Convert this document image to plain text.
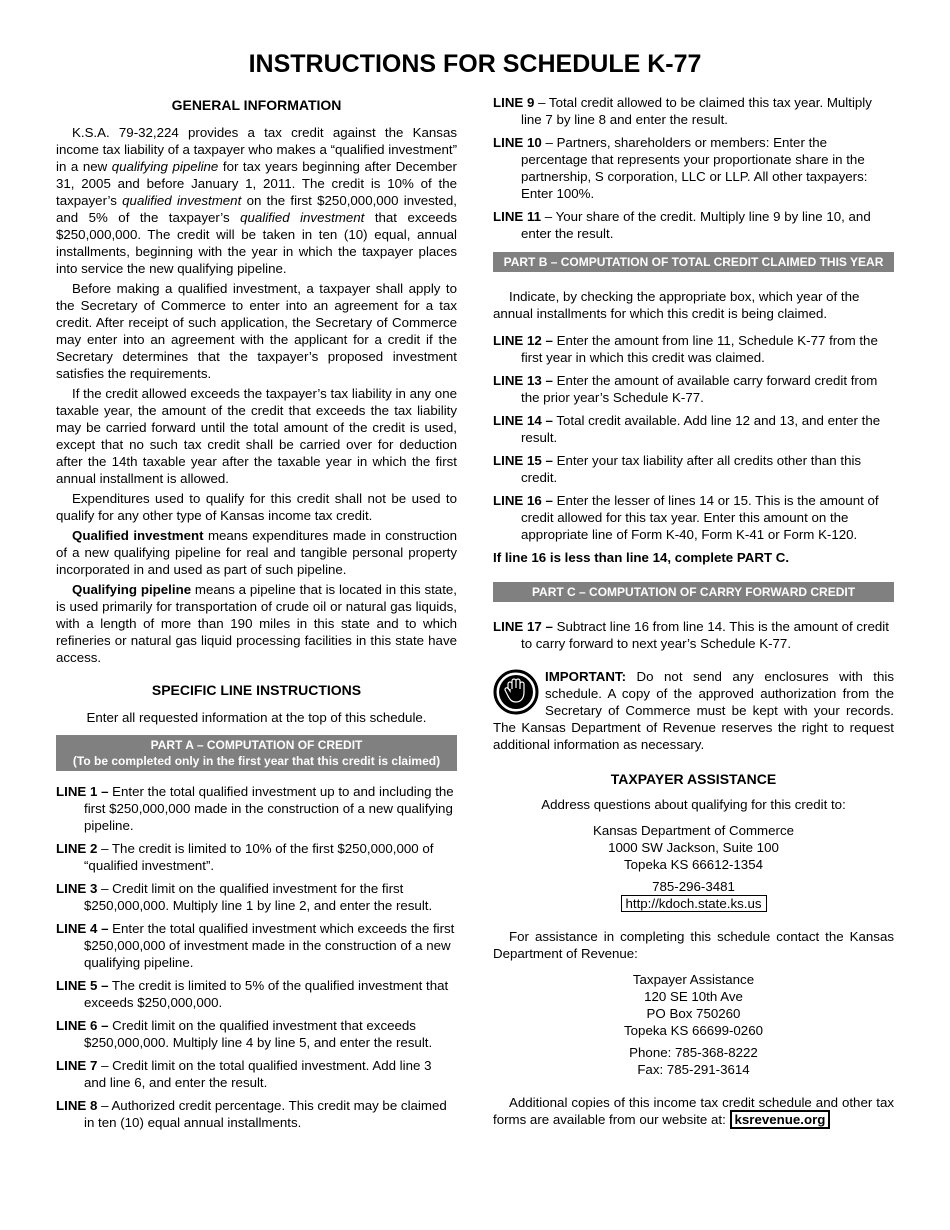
INSTRUCTIONS FOR SCHEDULE K-77
GENERAL INFORMATION

K.S.A. 79-32,224 provides a tax credit against the Kansas income tax liability of a taxpayer who makes a “qualified investment” in a new qualifying pipeline for tax years beginning after December 31, 2005 and before January 1, 2011. The credit is 10% of the taxpayer’s qualified investment on the first $250,000,000 invested, and 5% of the taxpayer’s qualified investment that exceeds $250,000,000. The credit will be taken in ten (10) equal, annual installments, beginning with the year in which the taxpayer places into service the new qualifying pipeline.

Before making a qualified investment, a taxpayer shall apply to the Secretary of Commerce to enter into an agreement for a tax credit. After receipt of such application, the Secretary of Commerce may enter into an agreement with the applicant for a credit if the Secretary determines that the taxpayer’s proposed investment satisfies the requirements.

If the credit allowed exceeds the taxpayer’s tax liability in any one taxable year, the amount of the credit that exceeds the tax liability may be carried forward until the total amount of the credit is used, except that no such tax credit shall be carried over for deduction after the 14th taxable year after the taxable year in which the first annual installment is allowed.

Expenditures used to qualify for this credit shall not be used to qualify for any other type of Kansas income tax credit.

Qualified investment means expenditures made in construction of a new qualifying pipeline for real and tangible personal property incorporated in and used as part of such pipeline.

Qualifying pipeline means a pipeline that is located in this state, is used primarily for transportation of crude oil or natural gas liquids, with a length of more than 190 miles in this state and to which refineries or natural gas liquid processing facilities in this state have access.

SPECIFIC LINE INSTRUCTIONS

Enter all requested information at the top of this schedule.

PART A – COMPUTATION OF CREDIT
(To be completed only in the first year that this credit is claimed)

LINE 1 – Enter the total qualified investment up to and including the first $250,000,000 made in the construction of a new qualifying pipeline.

LINE 2 – The credit is limited to 10% of the first $250,000,000 of “qualified investment”.

LINE 3 – Credit limit on the qualified investment for the first $250,000,000. Multiply line 1 by line 2, and enter the result.

LINE 4 – Enter the total qualified investment which exceeds the first $250,000,000 of investment made in the construction of a new qualifying pipeline.

LINE 5 – The credit is limited to 5% of the qualified investment that exceeds $250,000,000.

LINE 6 – Credit limit on the qualified investment that exceeds $250,000,000. Multiply line 4 by line 5, and enter the result.

LINE 7 – Credit limit on the total qualified investment. Add line 3 and line 6, and enter the result.

LINE 8 – Authorized credit percentage. This credit may be claimed in ten (10) equal annual installments.

LINE 9 – Total credit allowed to be claimed this tax year. Multiply line 7 by line 8 and enter the result.

LINE 10 – Partners, shareholders or members: Enter the percentage that represents your proportionate share in the partnership, S corporation, LLC or LLP. All other taxpayers: Enter 100%.

LINE 11 – Your share of the credit. Multiply line 9 by line 10, and enter the result.

PART B – COMPUTATION OF TOTAL CREDIT CLAIMED THIS YEAR

Indicate, by checking the appropriate box, which year of the annual installments for which this credit is being claimed.

LINE 12 – Enter the amount from line 11, Schedule K-77 from the first year in which this credit was claimed.

LINE 13 – Enter the amount of available carry forward credit from the prior year’s Schedule K-77.

LINE 14 – Total credit available. Add line 12 and 13, and enter the result.

LINE 15 – Enter your tax liability after all credits other than this credit.

LINE 16 – Enter the lesser of lines 14 or 15. This is the amount of credit allowed for this tax year. Enter this amount on the appropriate line of Form K-40, Form K-41 or Form K-120.

If line 16 is less than line 14, complete PART C.

PART C – COMPUTATION OF CARRY FORWARD CREDIT

LINE 17 – Subtract line 16 from line 14. This is the amount of credit to carry forward to next year’s Schedule K-77.

IMPORTANT: Do not send any enclosures with this schedule. A copy of the approved authorization from the Secretary of Commerce must be kept with your records. The Kansas Department of Revenue reserves the right to request additional information as necessary.
TAXPAYER ASSISTANCE

Address questions about qualifying for this credit to:

Kansas Department of Commerce

1000 SW Jackson, Suite 100

Topeka KS 66612-1354

785-296-3481

http://kdoch.state.ks.us

For assistance in completing this schedule contact the Kansas Department of Revenue:

Taxpayer Assistance

120 SE 10th Ave

PO Box 750260

Topeka KS 66699-0260

Phone: 785-368-8222

Fax: 785-291-3614

Additional copies of this income tax credit schedule and other tax forms are available from our website at: ksrevenue.org
